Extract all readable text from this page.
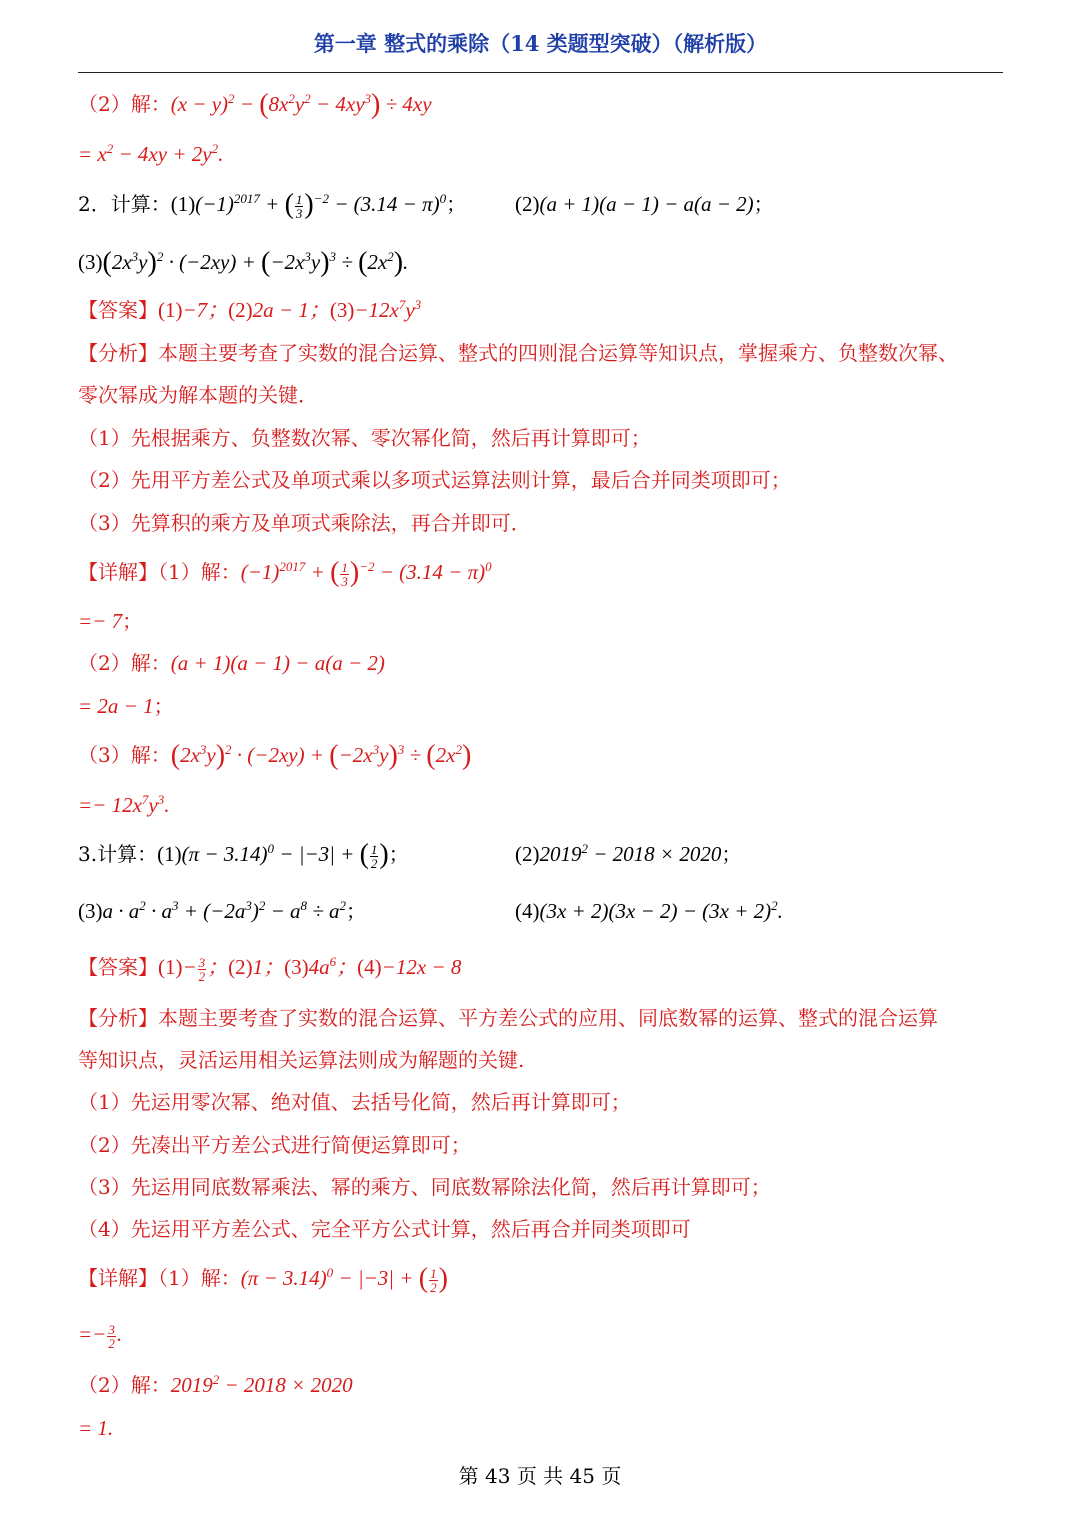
第一章 整式的乘除（14 类题型突破）（解析版）
（2）解：$(x - y)^2 - (8x^2y^2 - 4xy^3) \div 4xy$
= $x^2 - 4xy + 2y^2$.
2．计算：$(1)(-1)^{2017}$ + ( $\frac{1}{3} )^{-2} - (3.14 - \pi)^0$； (2)(a + 1)(a − 1) − a(a − 2)；
$(3)(2x^3y)^2 \cdot (-2xy) + (-2x^3y)^3 \div (2x^2)$.
【答案】(1)−7；(2)2a − 1；$(3)-12x^7y^3$
【分析】本题主要考查了实数的混合运算、整式的四则混合运算等知识点，掌握乘方、负整数次幂、
零次幂成为解本题的关键．
（1）先根据乘方、负整数次幂、零次幂化简，然后再计算即可；
（2）先用平方差公式及单项式乘以多项式运算法则计算，最后合并同类项即可；
（3）先算积的乘方及单项式乘除法，再合并即可．
【详解】（1）解：$(-1)^{2017}$ + ( $\frac{1}{3} )^{-2} - (3.14 - \pi)^0$
=− 7；
（2）解：(a + 1)(a − 1) − a(a − 2)
= 2a − 1；
（3）解：$(2x^3y)^2 \cdot (-2xy) + (-2x^3y)^3 \div (2x^2)$
=− $12x^7y^3$.
3.计算：$(1)(\pi - 3.14)^0 - |-3|$ + ( $\frac{1}{2}$ )；	$(2)2019^2 - 2018 \times 2020$；
$(3)a \cdot a^2 \cdot a^3 + (-2a^3)^2 - a^8 \div a^2$；	$(4)(3x + 2)(3x - 2) - (3x + 2)^2$.
【答案】$(1)- \frac{3}{2}$ ；(2)1；$(3)4a^6$；(4)−12x − 8
【分析】本题主要考查了实数的混合运算、平方差公式的应用、同底数幂的运算、整式的混合运算
等知识点，灵活运用相关运算法则成为解题的关键.
（1）先运用零次幂、绝对值、去括号化简，然后再计算即可；
（2）先凑出平方差公式进行简便运算即可；
（3）先运用同底数幂乘法、幂的乘方、同底数幂除法化简，然后再计算即可；
（4）先运用平方差公式、完全平方公式计算，然后再合并同类项即可
【详解】（1）解：$(\pi - 3.14)^0 - |-3|$ + ( $\frac{1}{2}$ )
=− $\frac{3}{2}$ .
（2）解：$2019^2 - 2018 \times 2020$
= 1.
第 43 页 共 45 页
